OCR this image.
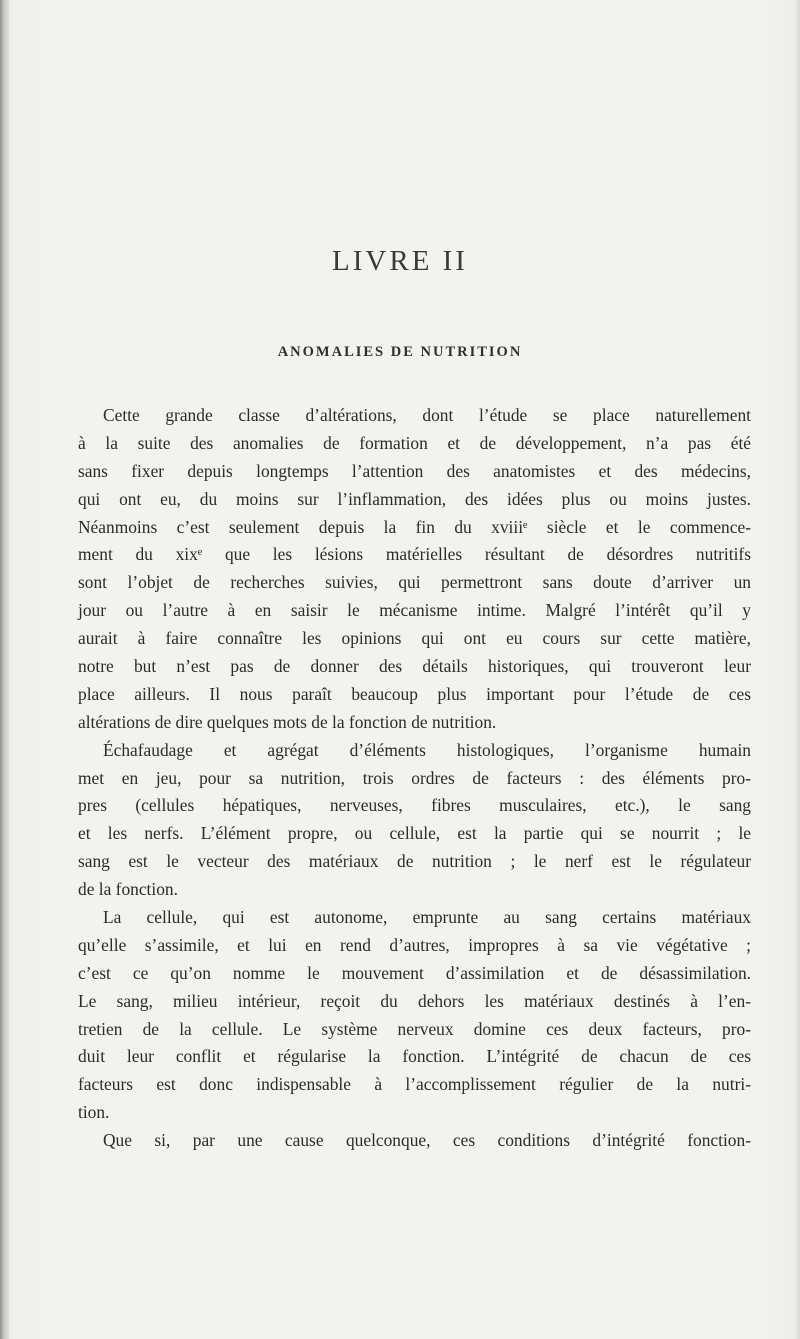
LIVRE II
ANOMALIES DE NUTRITION
Cette grande classe d’altérations, dont l’étude se place naturellement
à la suite des anomalies de formation et de développement, n’a pas été
sans fixer depuis longtemps l’attention des anatomistes et des médecins,
qui ont eu, du moins sur l’inflammation, des idées plus ou moins justes.
Néanmoins c’est seulement depuis la fin du xviiiᵉ siècle et le commence-
ment du xixᵉ que les lésions matérielles résultant de désordres nutritifs
sont l’objet de recherches suivies, qui permettront sans doute d’arriver un
jour ou l’autre à en saisir le mécanisme intime. Malgré l’intérêt qu’il y
aurait à faire connaître les opinions qui ont eu cours sur cette matière,
notre but n’est pas de donner des détails historiques, qui trouveront leur
place ailleurs. Il nous paraît beaucoup plus important pour l’étude de ces
altérations de dire quelques mots de la fonction de nutrition.
Échafaudage et agrégat d’éléments histologiques, l’organisme humain
met en jeu, pour sa nutrition, trois ordres de facteurs : des éléments pro-
pres (cellules hépatiques, nerveuses, fibres musculaires, etc.), le sang
et les nerfs. L’élément propre, ou cellule, est la partie qui se nourrit ; le
sang est le vecteur des matériaux de nutrition ; le nerf est le régulateur
de la fonction.
La cellule, qui est autonome, emprunte au sang certains matériaux
qu’elle s’assimile, et lui en rend d’autres, impropres à sa vie végétative ;
c’est ce qu’on nomme le mouvement d’assimilation et de désassimilation.
Le sang, milieu intérieur, reçoit du dehors les matériaux destinés à l’en-
tretien de la cellule. Le système nerveux domine ces deux facteurs, pro-
duit leur conflit et régularise la fonction. L’intégrité de chacun de ces
facteurs est donc indispensable à l’accomplissement régulier de la nutri-
tion.
Que si, par une cause quelconque, ces conditions d’intégrité fonction-
